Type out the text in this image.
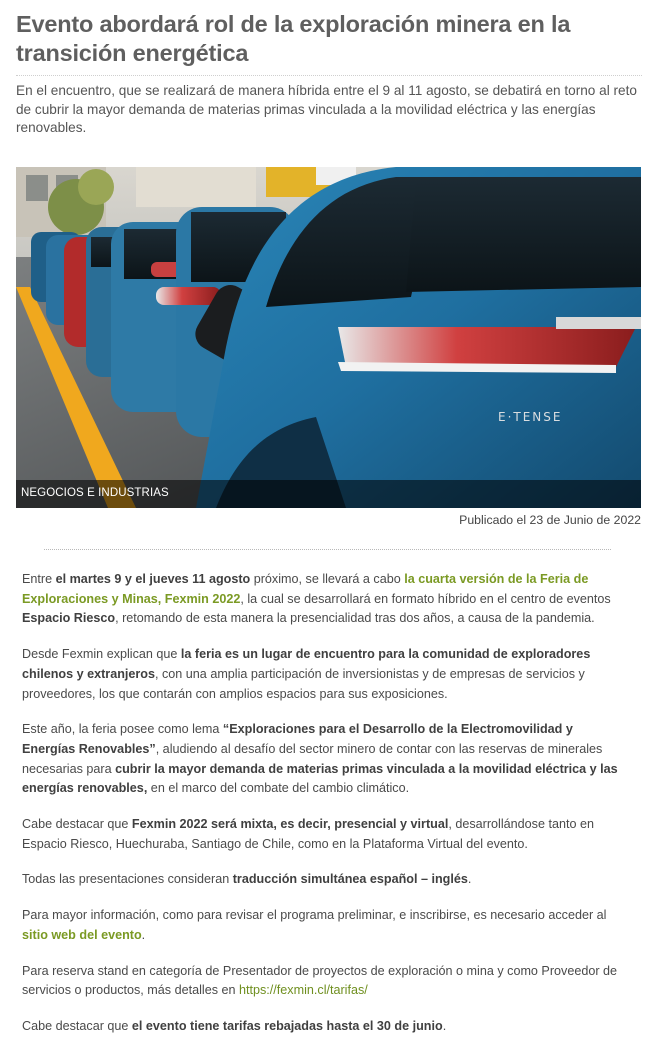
Evento abordará rol de la exploración minera en la transición energética

En el encuentro, que se realizará de manera híbrida entre el 9 al 11 agosto, se debatirá en torno al reto de cubrir la mayor demanda de materias primas vinculada a la movilidad eléctrica y las energías renovables.

E·TENSE
NEGOCIOS E INDUSTRIAS
Publicado el 23 de Junio de 2022

Entre el martes 9 y el jueves 11 agosto próximo, se llevará a cabo la cuarta versión de la Feria de Exploraciones y Minas, Fexmin 2022, la cual se desarrollará en formato híbrido en el centro de eventos Espacio Riesco, retomando de esta manera la presencialidad tras dos años, a causa de la pandemia.

Desde Fexmin explican que la feria es un lugar de encuentro para la comunidad de exploradores chilenos y extranjeros, con una amplia participación de inversionistas y de empresas de servicios y proveedores, los que contarán con amplios espacios para sus exposiciones.

Este año, la feria posee como lema “Exploraciones para el Desarrollo de la Electromovilidad y Energías Renovables”, aludiendo al desafío del sector minero de contar con las reservas de minerales necesarias para cubrir la mayor demanda de materias primas vinculada a la movilidad eléctrica y las energías renovables, en el marco del combate del cambio climático.

Cabe destacar que Fexmin 2022 será mixta, es decir, presencial y virtual, desarrollándose tanto en Espacio Riesco, Huechuraba, Santiago de Chile, como en la Plataforma Virtual del evento.

Todas las presentaciones consideran traducción simultánea español – inglés.

Para mayor información, como para revisar el programa preliminar, e inscribirse, es necesario acceder al sitio web del evento.

Para reserva stand en categoría de Presentador de proyectos de exploración o mina y como Proveedor de servicios o productos, más detalles en https://fexmin.cl/tarifas/

Cabe destacar que el evento tiene tarifas rebajadas hasta el 30 de junio.
